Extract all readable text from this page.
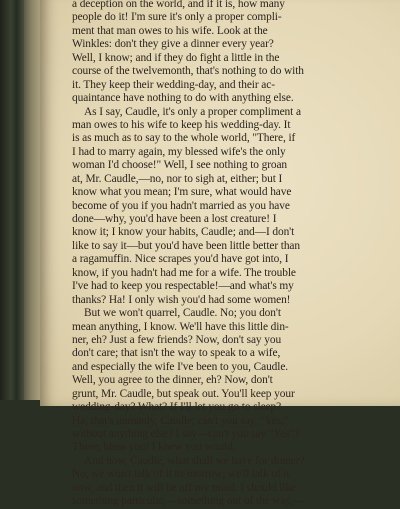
a deception on the world, and if it is, how many
people do it! I'm sure it's only a proper compli-
ment that man owes to his wife. Look at the
Winkles: don't they give a dinner every year?
Well, I know; and if they do fight a little in the
course of the twelvemonth, that's nothing to do with
it. They keep their wedding-day, and their ac-
quaintance have nothing to do with anything else.
As I say, Caudle, it's only a proper compliment a
man owes to his wife to keep his wedding-day. It
is as much as to say to the whole world, "There, if
I had to marry again, my blessed wife's the only
woman I'd choose!" Well, I see nothing to groan
at, Mr. Caudle,—no, nor to sigh at, either; but I
know what you mean; I'm sure, what would have
become of you if you hadn't married as you have
done—why, you'd have been a lost creature! I
know it; I know your habits, Caudle; and—I don't
like to say it—but you'd have been little better than
a ragamuffin. Nice scrapes you'd have got into, I
know, if you hadn't had me for a wife. The trouble
I've had to keep you respectable!—and what's my
thanks? Ha! I only wish you'd had some women!
But we won't quarrel, Caudle. No; you don't
mean anything, I know. We'll have this little din-
ner, eh? Just a few friends? Now, don't say you
don't care; that isn't the way to speak to a wife,
and especially the wife I've been to you, Caudle.
Well, you agree to the dinner, eh? Now, don't
grunt, Mr. Caudle, but speak out. You'll keep your
wedding-day? What? If I'll let you go to sleep?
Ha, that's unmanly, Caudle; can't you say, "Yes,"
without anything else? I say—can't you say "Yes"?
There, bless you! I knew you would.
And now, Caudle, what shall we have for dinner?
No, we won't talk of it to-morrow; we'll talk of it
now, and then it will be off my mind. I should like
something particular,—something out of the way,—
